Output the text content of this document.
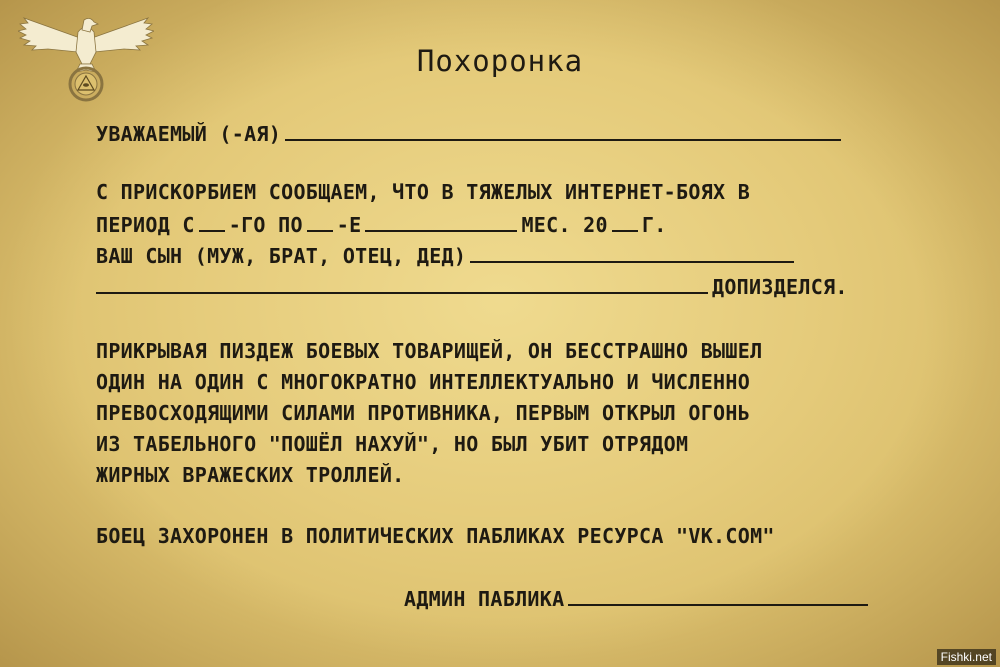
Похоронка
УВАЖАЕМЫЙ (-АЯ)
С ПРИСКОРБИЕМ СООБЩАЕМ, ЧТО В ТЯЖЕЛЫХ ИНТЕРНЕТ-БОЯХ В
ПЕРИОД С -ГО ПО -Е	МЕС. 20 Г.
ВАШ СЫН (МУЖ, БРАТ, ОТЕЦ, ДЕД)
ДОПИЗДЕЛСЯ.
ПРИКРЫВАЯ ПИЗДЕЖ БОЕВЫХ ТОВАРИЩЕЙ, ОН БЕССТРАШНО ВЫШЕЛ
ОДИН НА ОДИН С МНОГОКРАТНО ИНТЕЛЛЕКТУАЛЬНО И ЧИСЛЕННО
ПРЕВОСХОДЯЩИМИ СИЛАМИ ПРОТИВНИКА, ПЕРВЫМ ОТКРЫЛ ОГОНЬ
ИЗ ТАБЕЛЬНОГО "ПОШЁЛ НАХУЙ", НО БЫЛ УБИТ ОТРЯДОМ
ЖИРНЫХ ВРАЖЕСКИХ ТРОЛЛЕЙ.
БОЕЦ ЗАХОРОНЕН В ПОЛИТИЧЕСКИХ ПАБЛИКАХ РЕСУРСА "VK.COM"
АДМИН ПАБЛИКА
Fishki.net
